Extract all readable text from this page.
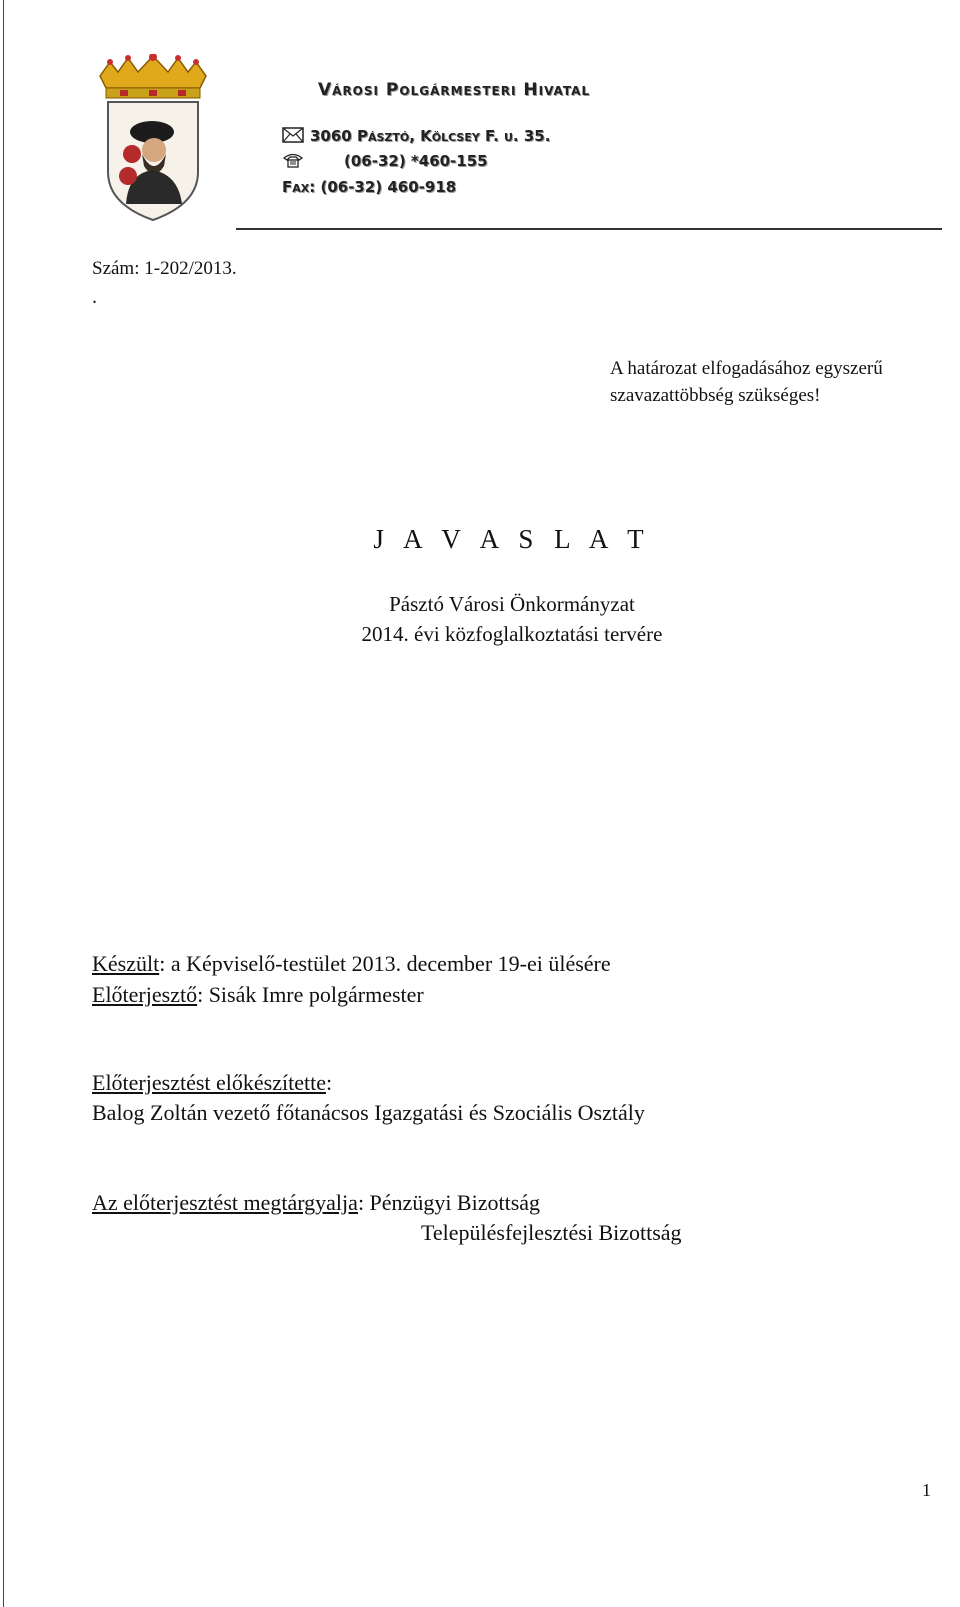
Városi Polgármesteri Hivatal
3060 Pásztó, Kölcsey F. u. 35.
(06-32) *460-155
Fax: (06-32) 460-918
Szám: 1-202/2013.
.
A határozat elfogadásához egyszerű
szavazattöbbség szükséges!
J A V A S L A T
Pásztó Városi Önkormányzat
2014. évi közfoglalkoztatási tervére
Készült: a Képviselő-testület 2013. december 19-ei ülésére
Előterjesztő: Sisák Imre polgármester
Előterjesztést előkészítette:
Balog Zoltán vezető főtanácsos Igazgatási és Szociális Osztály
Az előterjesztést megtárgyalja: Pénzügyi Bizottság
Településfejlesztési Bizottság
1
